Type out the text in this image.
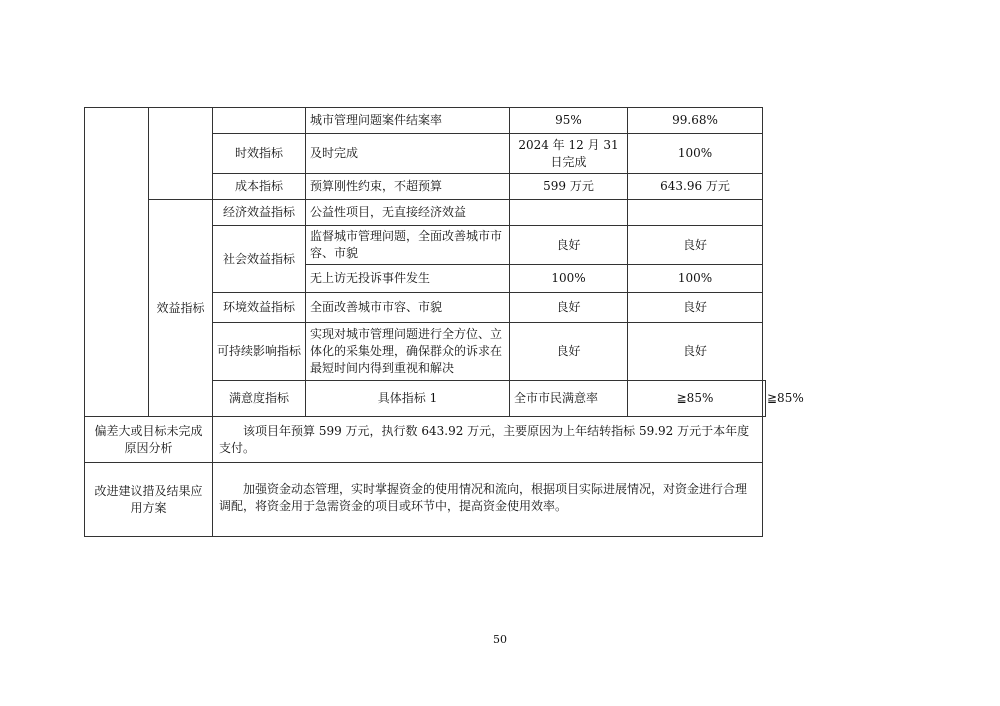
			城市管理问题案件结案率	95%	99.68%	
		时效指标	及时完成	2024 年 12 月 31 日完成	100%	
		成本指标	预算刚性约束，不超预算	599 万元	643.96 万元	
	效益指标	经济效益指标	公益性项目，无直接经济效益			
		社会效益指标	监督城市管理问题，全面改善城市市容、市貌	良好	良好	
			无上访无投诉事件发生	100%	100%	
		环境效益指标	全面改善城市市容、市貌	良好	良好	
		可持续影响指标	实现对城市管理问题进行全方位、立体化的采集处理，确保群众的诉求在最短时间内得到重视和解决	良好	良好	
		满意度指标	具体指标 1	全市市民满意率	≧85%	≧85%

偏差大或目标未完成原因分析		该项目年预算 599 万元，执行数 643.92 万元，主要原因为上年结转指标 59.92 万元于本年度支付。				
改进建议措及结果应用方案		加强资金动态管理，实时掌握资金的使用情况和流向，根据项目实际进展情况，对资金进行合理调配，将资金用于急需资金的项目或环节中，提高资金使用效率。				
50
